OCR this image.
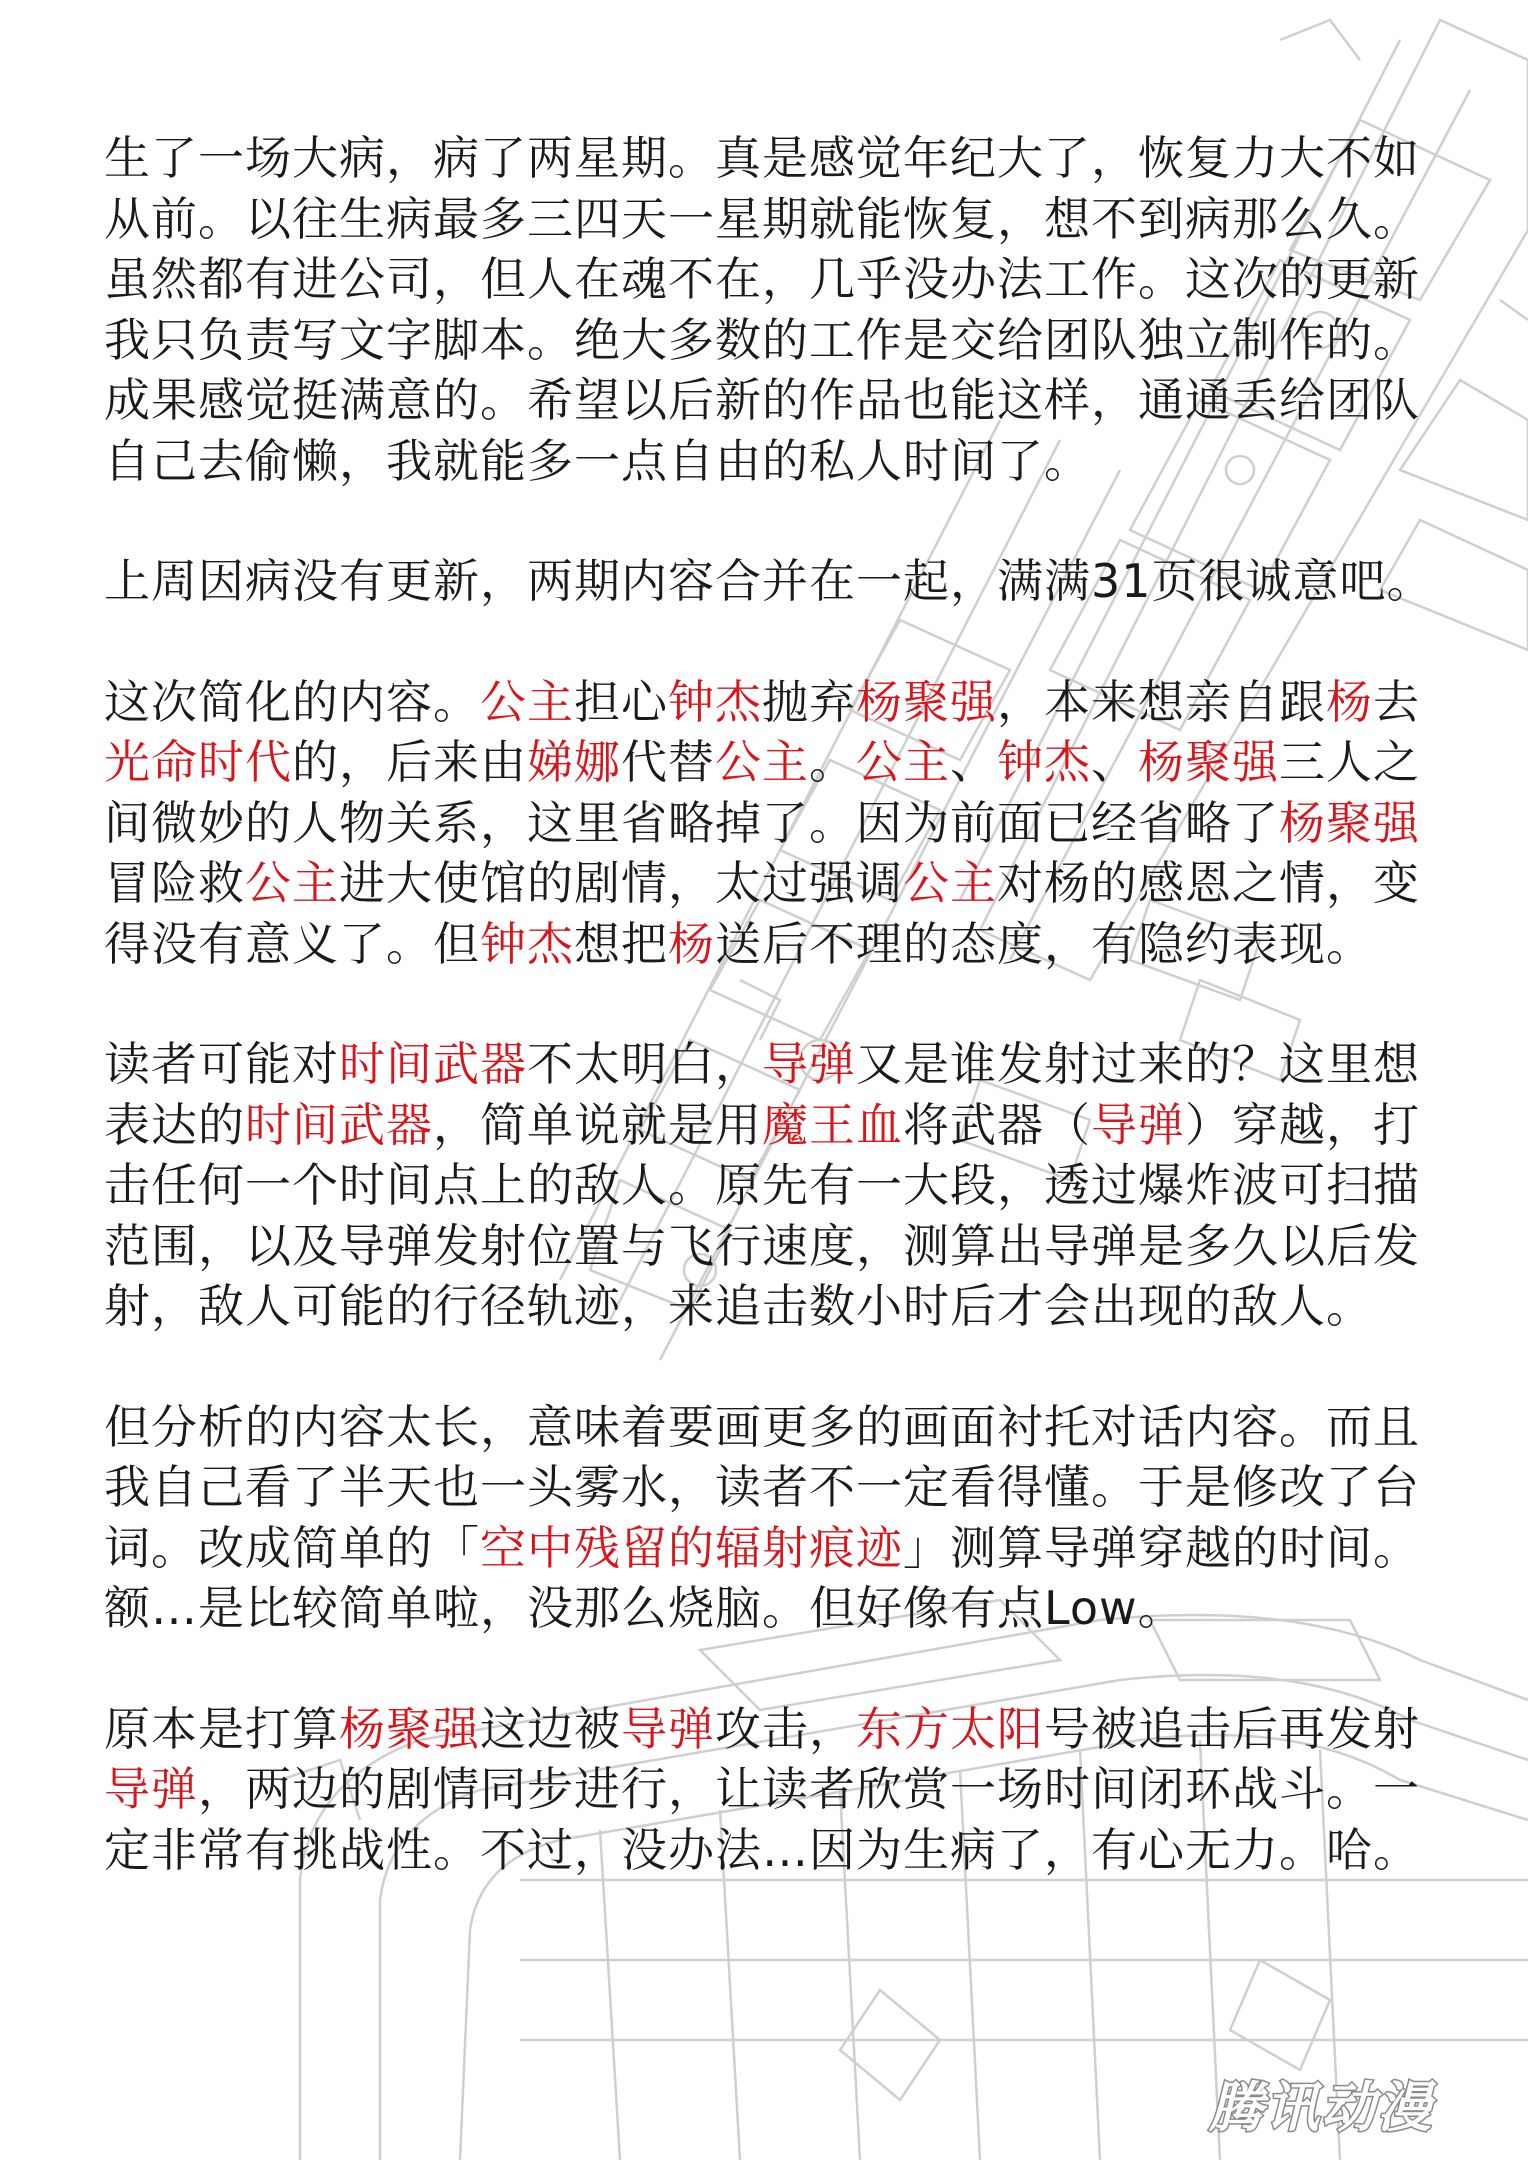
生了一场大病，病了两星期。真是感觉年纪大了，恢复力大不如从前。以往生病最多三四天一星期就能恢复，想不到病那么久。虽然都有进公司，但人在魂不在，几乎没办法工作。这次的更新我只负责写文字脚本。绝大多数的工作是交给团队独立制作的。成果感觉挺满意的。希望以后新的作品也能这样，通通丢给团队自己去偷懒，我就能多一点自由的私人时间了。

上周因病没有更新，两期内容合并在一起，满满31页很诚意吧。

这次简化的内容。公主担心钟杰抛弃杨聚强，本来想亲自跟杨去光命时代的，后来由娣娜代替公主。公主、钟杰、杨聚强三人之间微妙的人物关系，这里省略掉了。因为前面已经省略了杨聚强冒险救公主进大使馆的剧情，太过强调公主对杨的感恩之情，变得没有意义了。但钟杰想把杨送后不理的态度，有隐约表现。

读者可能对时间武器不太明白，导弹又是谁发射过来的？这里想表达的时间武器，简单说就是用魔王血将武器（导弹）穿越，打击任何一个时间点上的敌人。原先有一大段，透过爆炸波可扫描范围，以及导弹发射位置与飞行速度，测算出导弹是多久以后发射，敌人可能的行径轨迹，来追击数小时后才会出现的敌人。

但分析的内容太长，意味着要画更多的画面衬托对话内容。而且我自己看了半天也一头雾水，读者不一定看得懂。于是修改了台词。改成简单的「空中残留的辐射痕迹」测算导弹穿越的时间。额…是比较简单啦，没那么烧脑。但好像有点Low。

原本是打算杨聚强这边被导弹攻击，东方太阳号被追击后再发射导弹，两边的剧情同步进行，让读者欣赏一场时间闭环战斗。一定非常有挑战性。不过，没办法…因为生病了，有心无力。哈。

腾讯动漫
